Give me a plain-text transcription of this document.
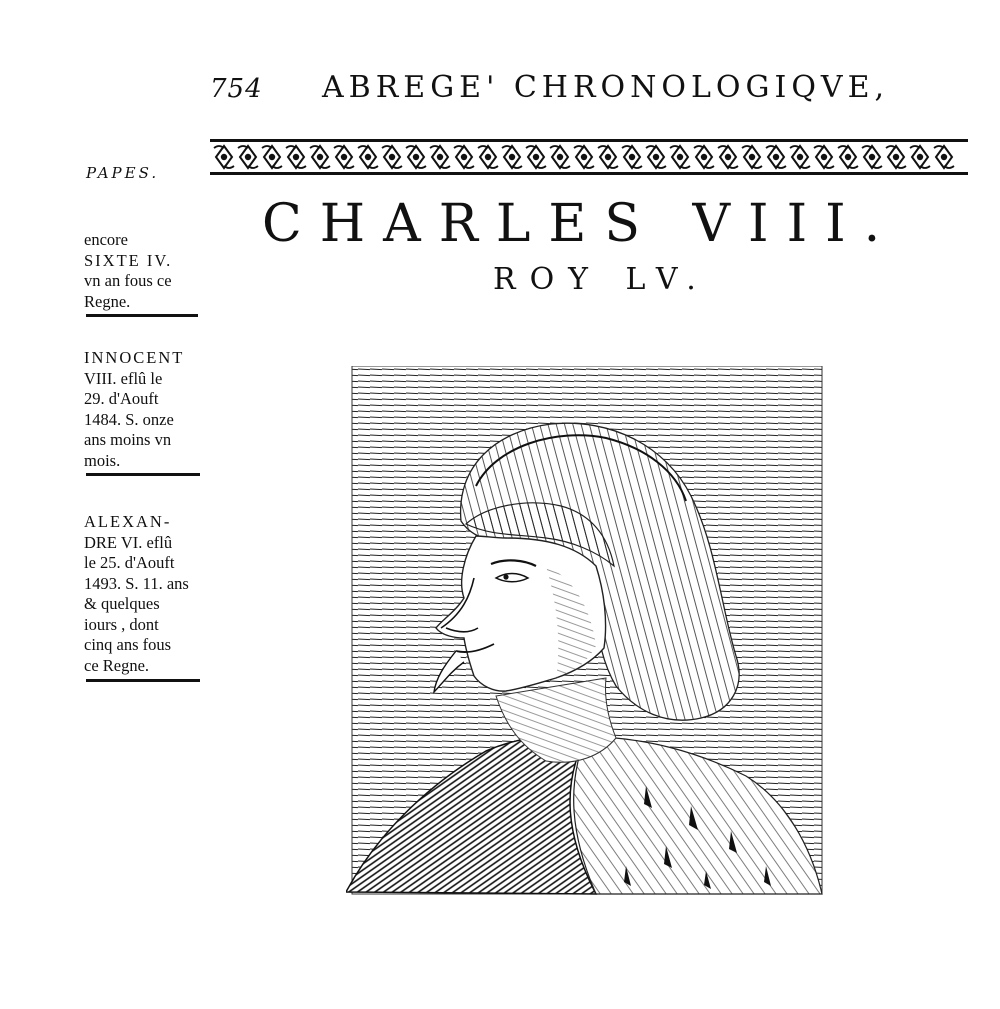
754 ABREGE' CHRONOLOGIQVE,
PAPES.
encore
SIXTE IV.
vn an fous ce
Regne.
INNOCENT
VIII. eflû le
29. d'Aouft
1484. S. onze
ans moins vn
mois.
ALEXAN-
DRE VI. eflû
le 25. d'Aouft
1493. S. 11. ans
& quelques
iours , dont
cinq ans fous
ce Regne.
CHARLES VIII.
ROY LV.
